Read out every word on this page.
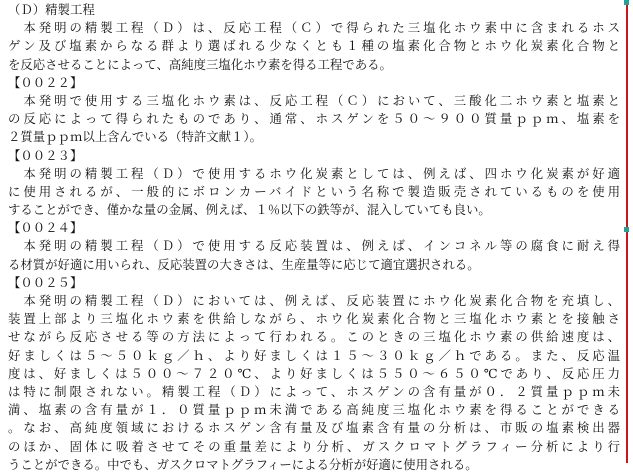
（Ｄ）精製工程
　本発明の精製工程（Ｄ）は、反応工程（Ｃ）で得られた三塩化ホウ素中に含まれるホス
ゲン及び塩素からなる群より選ばれる少なくとも１種の塩素化合物とホウ化炭素化合物と
を反応させることによって、高純度三塩化ホウ素を得る工程である。
【００２２】
　本発明で使用する三塩化ホウ素は、反応工程（Ｃ）において、三酸化二ホウ素と塩素と
の反応によって得られたものであり、通常、ホスゲンを５０～９００質量ｐｐｍ、塩素を
２質量ｐｐｍ以上含んでいる（特許文献１）。
【００２３】
　本発明の精製工程（Ｄ）で使用するホウ化炭素としては、例えば、四ホウ化炭素が好適
に使用されるが、一般的にボロンカーバイドという名称で製造販売されているものを使用
することができ、僅かな量の金属、例えば、１％以下の鉄等が、混入していても良い。
【００２４】
　本発明の精製工程（Ｄ）で使用する反応装置は、例えば、インコネル等の腐食に耐え得
る材質が好適に用いられ、反応装置の大きさは、生産量等に応じて適宜選択される。
【００２５】
　本発明の精製工程（Ｄ）においては、例えば、反応装置にホウ化炭素化合物を充填し、
装置上部より三塩化ホウ素を供給しながら、ホウ化炭素化合物と三塩化ホウ素とを接触さ
せながら反応させる等の方法によって行われる。このときの三塩化ホウ素の供給速度は、
好ましくは５～５０ｋｇ／ｈ、より好ましくは１５～３０ｋｇ／ｈである。また、反応温
度は、好ましくは５００～７２０℃、より好ましくは５５０～６５０℃であり、反応圧力
は特に制限されない。精製工程（Ｄ）によって、ホスゲンの含有量が０．２質量ｐｐｍ未
満、塩素の含有量が１．０質量ｐｐｍ未満である高純度三塩化ホウ素を得ることができる
。なお、高純度領域におけるホスゲン含有量及び塩素含有量の分析は、市販の塩素検出器
のほか、固体に吸着させてその重量差により分析、ガスクロマトグラフィー分析により行
うことができる。中でも、ガスクロマトグラフィーによる分析が好適に使用される。
